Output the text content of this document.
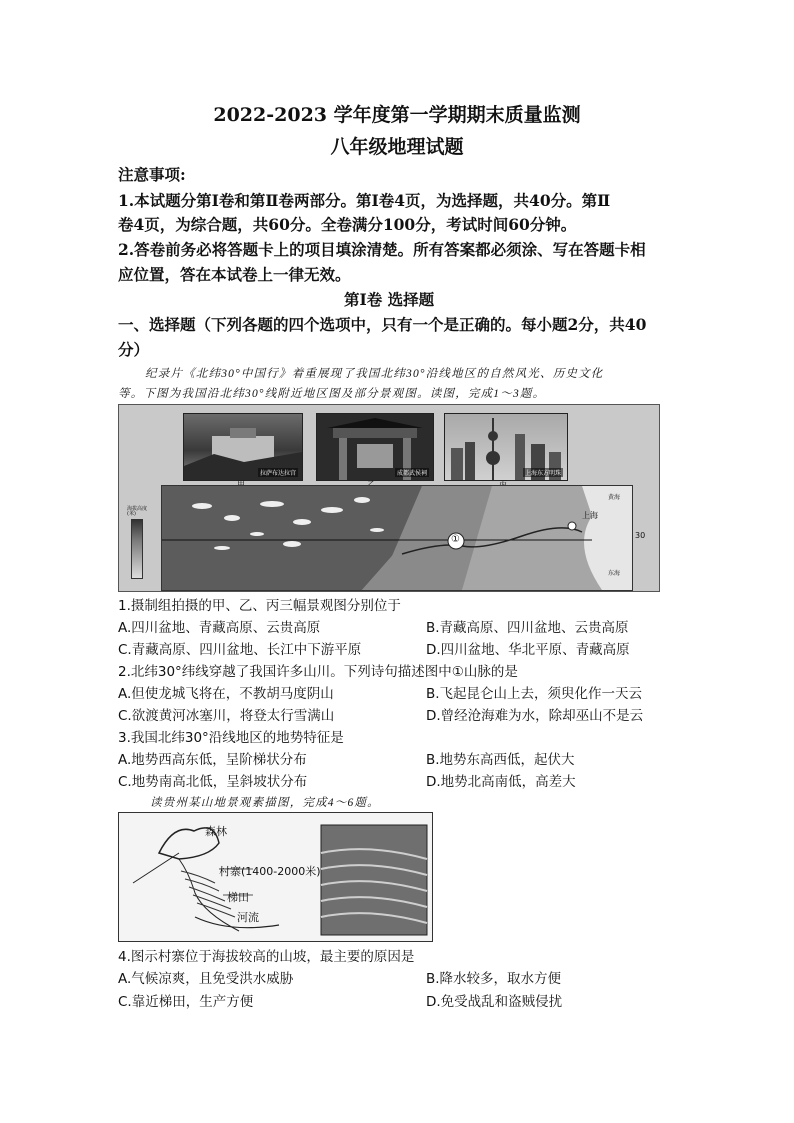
2022-2023 学年度第一学期期末质量监测
八年级地理试题
注意事项:
1.本试题分第Ⅰ卷和第Ⅱ卷两部分。第Ⅰ卷4页，为选择题，共40分。第Ⅱ
卷4页，为综合题，共60分。全卷满分100分，考试时间60分钟。
2.答卷前务必将答题卡上的项目填涂清楚。所有答案都必须涂、写在答题卡相
应位置，答在本试卷上一律无效。
第Ⅰ卷 选择题
一、选择题（下列各题的四个选项中，只有一个是正确的。每小题2分，共40
分）
纪录片《北纬30°中国行》着重展现了我国北纬30°沿线地区的自然风光、历史文化
等。下图为我国沿北纬30°线附近地区图及部分景观图。读图，完成1～3题。
拉萨布达拉宫	成都武侯祠	上海东方明珠
①
上海
黄海
东海
30
海拔高度(米)
1.摄制组拍摄的甲、乙、丙三幅景观图分别位于
A.四川盆地、青藏高原、云贵高原	B.青藏高原、四川盆地、云贵高原
C.青藏高原、四川盆地、长江中下游平原	D.四川盆地、华北平原、青藏高原
2.北纬30°纬线穿越了我国许多山川。下列诗句描述图中①山脉的是
A.但使龙城飞将在，不教胡马度阴山	B.飞起昆仑山上去，须臾化作一天云
C.欲渡黄河冰塞川，将登太行雪满山	D.曾经沧海难为水，除却巫山不是云
3.我国北纬30°沿线地区的地势特征是
A.地势西高东低，呈阶梯状分布	B.地势东高西低，起伏大
C.地势南高北低，呈斜坡状分布	D.地势北高南低，高差大
读贵州某山地景观素描图，完成4～6题。
森林
村寨(1400-2000米)
梯田
河流
4.图示村寨位于海拔较高的山坡，最主要的原因是
A.气候凉爽，且免受洪水威胁	B.降水较多，取水方便
C.靠近梯田，生产方便	D.免受战乱和盗贼侵扰
